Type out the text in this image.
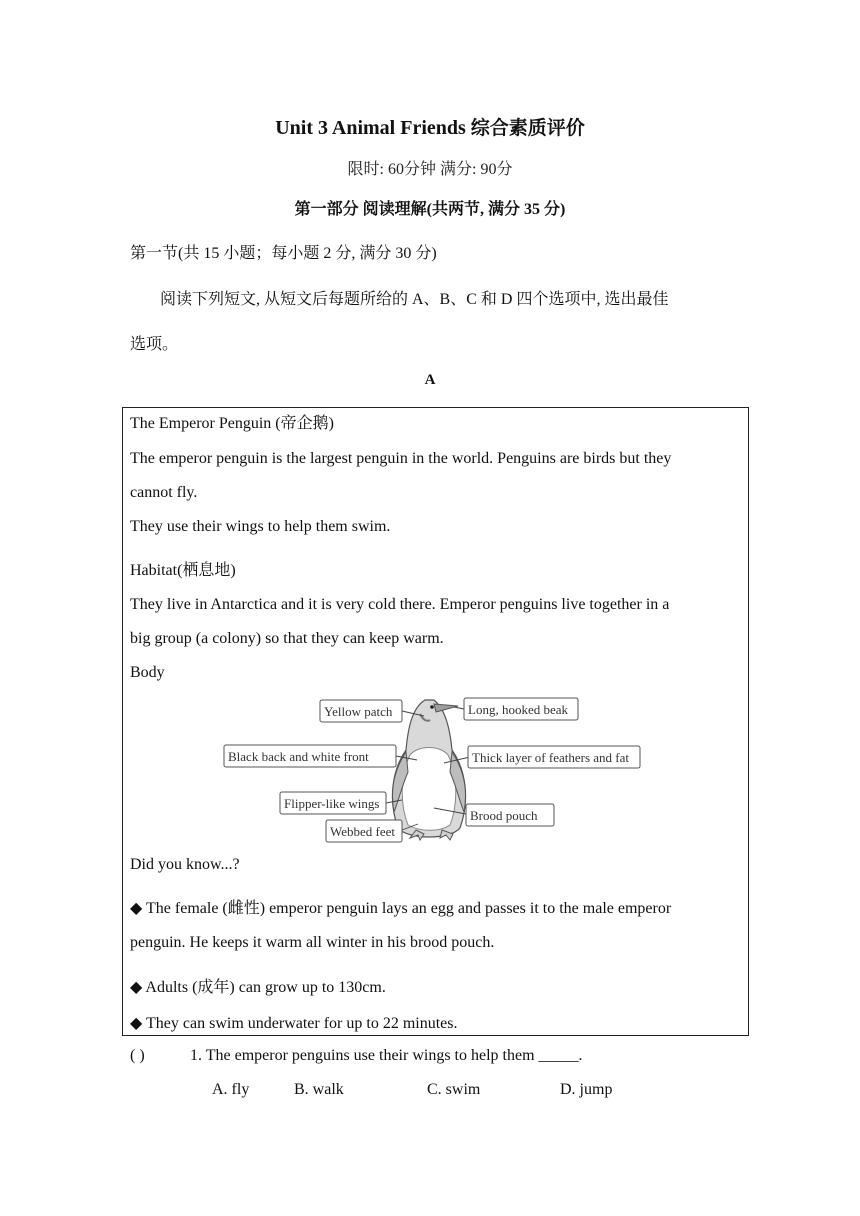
Unit 3 Animal Friends 综合素质评价
限时: 60分钟 满分: 90分
第一部分 阅读理解(共两节, 满分 35 分)
第一节(共 15 小题；每小题 2 分, 满分 30 分)
阅读下列短文, 从短文后每题所给的 A、B、C 和 D 四个选项中, 选出最佳
选项。
A
The Emperor Penguin (帝企鹅)
The emperor penguin is the largest penguin in the world. Penguins are birds but they
cannot fly.
They use their wings to help them swim.
Habitat(栖息地)
They live in Antarctica and it is very cold there. Emperor penguins live together in a
big group (a colony) so that they can keep warm.
Body
Yellow patch	Long, hooked beak
Black back and white front	Thick layer of feathers and fat
Flipper-like wings
Brood pouch
Webbed feet
Did you know...?
◆ The female (雌性) emperor penguin lays an egg and passes it to the male emperor
penguin. He keeps it warm all winter in his brood pouch.
◆ Adults (成年) can grow up to 130cm.
◆ They can swim underwater for up to 22 minutes.
( )	1. The emperor penguins use their wings to help them _____.
A. fly	B. walk	C. swim	D. jump
